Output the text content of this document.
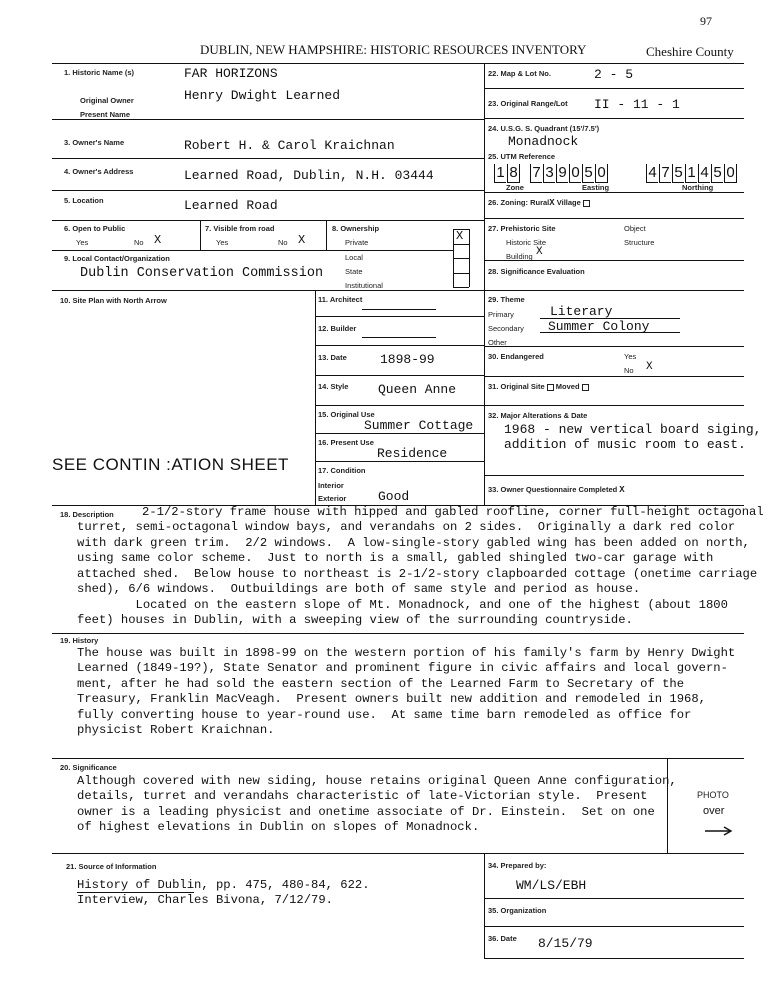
97
DUBLIN, NEW HAMPSHIRE: HISTORIC RESOURCES INVENTORY	Cheshire County
1. Historic Name (s)	FAR HORIZONS
Original Owner	Henry Dwight Learned
Present Name
3. Owner's Name	Robert H. & Carol Kraichnan
4. Owner's Address	Learned Road, Dublin, N.H. 03444
5. Location	Learned Road
6. Open to Public
Yes	No X
7. Visible from road
Yes	No X
8. Ownership
Private
Local
State
Institutional
X
9. Local Contact/Organization
Dublin Conservation Commission
10. Site Plan with North Arrow
SEE CONTIN :ATION SHEET
11. Architect
12. Builder
13. Date	1898-99
14. Style Queen Anne
15. Original Use
Summer Cottage
16. Present Use
Residence
17. Condition
Interior
Exterior Good
22. Map & Lot No.	2 - 5
23. Original Range/Lot II - 11 - 1
24. U.S.G. S. Quadrant (15'/7.5')
Monadnock
25. UTM Reference
1 8 7 3 9 0 5 0	4 7 5 1 4 5 0
Zone	Easting	Northing
26. Zoning: RuralX Village
27. Prehistoric Site	Object
Historic Site	Structure
Building X
28. Significance Evaluation
29. Theme
Primary	Literary
Secondary Summer Colony
Other
30. Endangered	Yes
No X
31. Original Site Moved
32. Major Alterations & Date
1968 - new vertical board siging,
addition of music room to east.
33. Owner Questionnaire Completed X
18. Description 2-1/2-story frame house with hipped and gabled roofline, corner full-height octagonal
turret, semi-octagonal window bays, and verandahs on 2 sides.  Originally a dark red color
with dark green trim.  2/2 windows.  A low-single-story gabled wing has been added on north,
using same color scheme.  Just to north is a small, gabled shingled two-car garage with
attached shed.  Below house to northeast is 2-1/2-story clapboarded cottage (onetime carriage
shed), 6/6 windows.  Outbuildings are both of same style and period as house.
Located on the eastern slope of Mt. Monadnock, and one of the highest (about 1800
feet) houses in Dublin, with a sweeping view of the surrounding countryside.
19. History
The house was built in 1898-99 on the western portion of his family's farm by Henry Dwight
Learned (1849-19?), State Senator and prominent figure in civic affairs and local govern-
ment, after he had sold the eastern section of the Learned Farm to Secretary of the
Treasury, Franklin MacVeagh.  Present owners built new addition and remodeled in 1968,
fully converting house to year-round use.  At same time barn remodeled as office for
physicist Robert Kraichnan.
20. Significance
Although covered with new siding, house retains original Queen Anne configuration,
details, turret and verandahs characteristic of late-Victorian style.  Present
owner is a leading physicist and onetime associate of Dr. Einstein.  Set on one
of highest elevations in Dublin on slopes of Monadnock.
PHOTO
over
21. Source of Information
History of Dublin, pp. 475, 480-84, 622.
Interview, Charles Bivona, 7/12/79.
34. Prepared by:
WM/LS/EBH
35. Organization
36. Date 8/15/79
